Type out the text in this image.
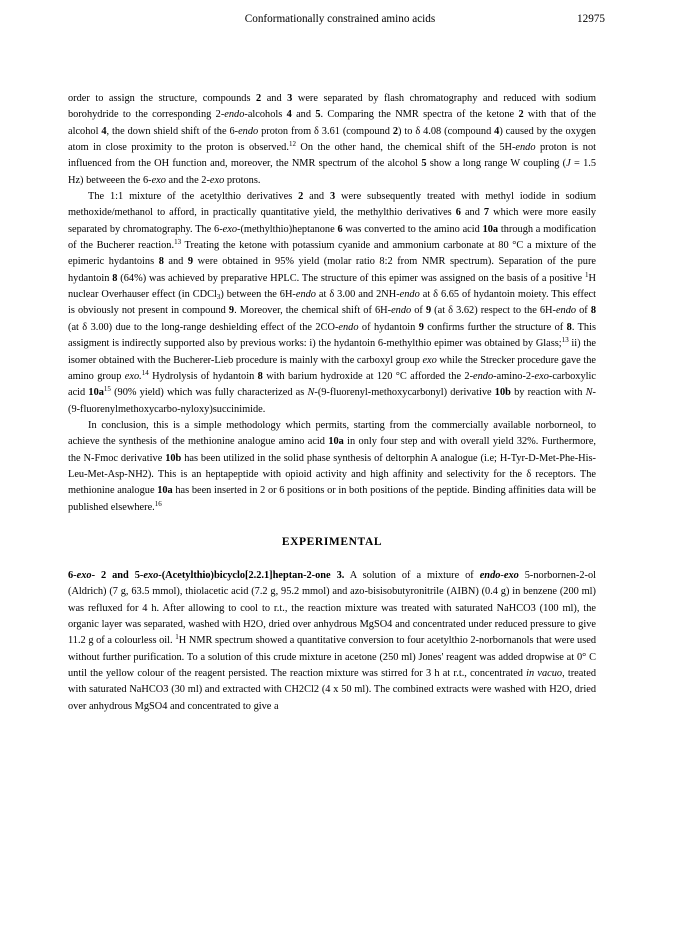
Conformationally constrained amino acids	12975

order to assign the structure, compounds 2 and 3 were separated by flash chromatography and reduced with sodium borohydride to the corresponding 2-endo-alcohols 4 and 5. Comparing the NMR spectra of the ketone 2 with that of the alcohol 4, the down shield shift of the 6-endo proton from δ 3.61 (compound 2) to δ 4.08 (compound 4) caused by the oxygen atom in close proximity to the proton is observed.$^{12}$ On the other hand, the chemical shift of the 5H-endo proton is not influenced from the OH function and, moreover, the NMR spectrum of the alcohol 5 show a long range W coupling (J = 1.5 Hz) betweeen the 6-exo and the 2-exo protons.

The 1:1 mixture of the acetylthio derivatives 2 and 3 were subsequently treated with methyl iodide in sodium methoxide/methanol to afford, in practically quantitative yield, the methylthio derivatives 6 and 7 which were more easily separated by chromatography. The 6-exo-(methylthio)heptanone 6 was converted to the amino acid 10a through a modification of the Bucherer reaction.$^{13}$ Treating the ketone with potassium cyanide and ammonium carbonate at 80 °C a mixture of the epimeric hydantoins 8 and 9 were obtained in 95% yield (molar ratio 8:2 from NMR spectrum). Separation of the pure hydantoin 8 (64%) was achieved by preparative HPLC. The structure of this epimer was assigned on the basis of a positive $^1$H nuclear Overhauser effect (in CDCl$_3$) between the 6H-endo at δ 3.00 and 2NH-endo at δ 6.65 of hydantoin moiety. This effect is obviously not present in compound 9. Moreover, the chemical shift of 6H-endo of 9 (at δ 3.62) respect to the 6H-endo of 8 (at δ 3.00) due to the long-range deshielding effect of the 2CO-endo of hydantoin 9 confirms further the structure of 8. This assigment is indirectly supported also by previous works: i) the hydantoin 6-methylthio epimer was obtained by Glass;$^{13}$ ii) the isomer obtained with the Bucherer-Lieb procedure is mainly with the carboxyl group exo while the Strecker procedure gave the amino group exo.$^{14}$ Hydrolysis of hydantoin 8 with barium hydroxide at 120 °C afforded the 2-endo-amino-2-exo-carboxylic acid $10a^{15}$ (90% yield) which was fully characterized as N-(9-fluorenyl-methoxycarbonyl) derivative 10b by reaction with N-(9-fluorenylmethoxycarbo-nyloxy)succinimide.

In conclusion, this is a simple methodology which permits, starting from the commercially available norborneol, to achieve the synthesis of the methionine analogue amino acid 10a in only four step and with overall yield 32%. Furthermore, the N-Fmoc derivative 10b has been utilized in the solid phase synthesis of deltorphin A analogue (i.e; H-Tyr-D-Met-Phe-His-Leu-Met-Asp-NH2). This is an heptapeptide with opioid activity and high affinity and selectivity for the δ receptors. The methionine analogue 10a has been inserted in 2 or 6 positions or in both positions of the peptide. Binding affinities data will be published elsewhere.$^{16}$

EXPERIMENTAL

6-exo- 2 and 5-exo-(Acetylthio)bicyclo[2.2.1]heptan-2-one 3. A solution of a mixture of endo-exo 5-norbornen-2-ol (Aldrich) (7 g, 63.5 mmol), thiolacetic acid (7.2 g, 95.2 mmol) and azo-bisisobutyronitrile (AIBN) (0.4 g) in benzene (200 ml) was refluxed for 4 h. After allowing to cool to r.t., the reaction mixture was treated with saturated NaHCO3 (100 ml), the organic layer was separated, washed with H2O, dried over anhydrous MgSO4 and concentrated under reduced pressure to give 11.2 g of a colourless oil. $^1$H NMR spectrum showed a quantitative conversion to four acetylthio 2-norbornanols that were used without further purification. To a solution of this crude mixture in acetone (250 ml) Jones' reagent was added dropwise at 0° C until the yellow colour of the reagent persisted. The reaction mixture was stirred for 3 h at r.t., concentrated in vacuo, treated with saturated NaHCO3 (30 ml) and extracted with CH2Cl2 (4 x 50 ml). The combined extracts were washed with H2O, dried over anhydrous MgSO4 and concentrated to give a
